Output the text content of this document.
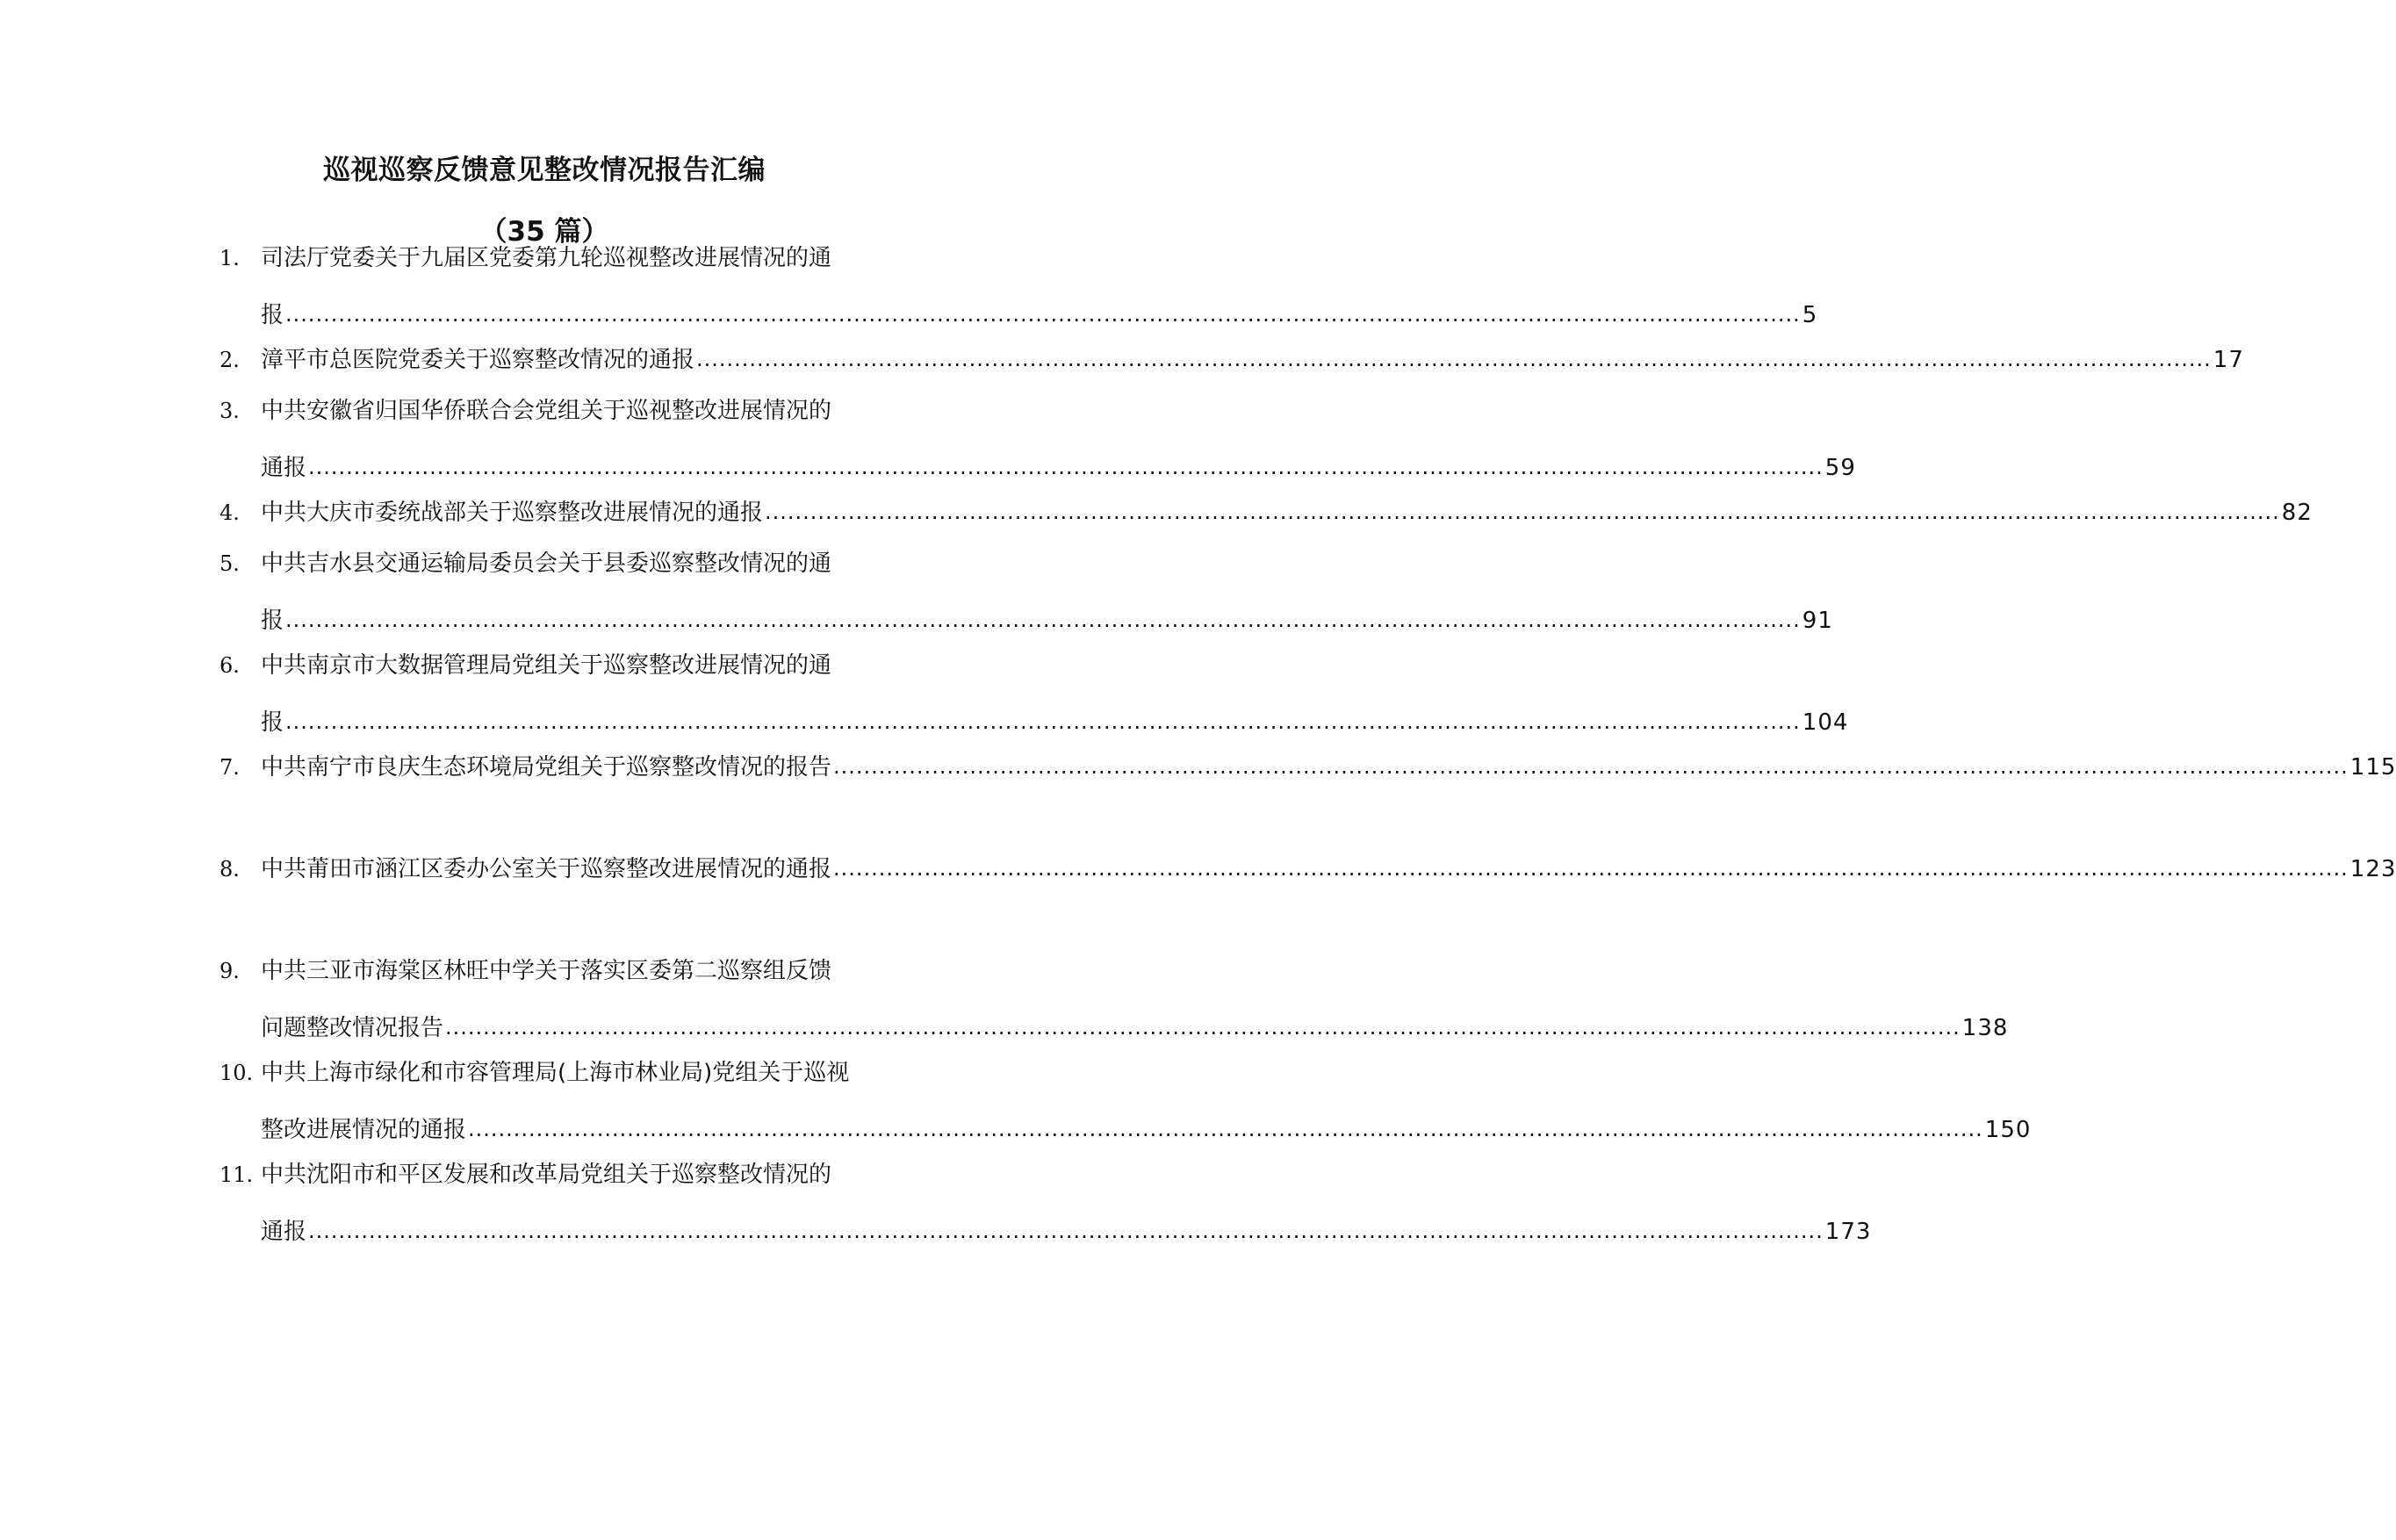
巡视巡察反馈意见整改情况报告汇编
（35 篇）
1. 司法厅党委关于九届区党委第九轮巡视整改进展情况的通
报 ........................................................................................................................................................................................................ 5
2. 漳平市总医院党委关于巡察整改情况的通报 ........................................................................................................................................................................................................ 17
3. 中共安徽省归国华侨联合会党组关于巡视整改进展情况的
通报 ........................................................................................................................................................................................................ 59
4. 中共大庆市委统战部关于巡察整改进展情况的通报 ........................................................................................................................................................................................................ 82
5. 中共吉水县交通运输局委员会关于县委巡察整改情况的通
报 ........................................................................................................................................................................................................ 91
6. 中共南京市大数据管理局党组关于巡察整改进展情况的通
报 ........................................................................................................................................................................................................ 104
7. 中共南宁市良庆生态环境局党组关于巡察整改情况的报告 ........................................................................................................................................................................................................ 115
8. 中共莆田市涵江区委办公室关于巡察整改进展情况的通报 ........................................................................................................................................................................................................ 123
9. 中共三亚市海棠区林旺中学关于落实区委第二巡察组反馈
问题整改情况报告 ........................................................................................................................................................................................................ 138
10. 中共上海市绿化和市容管理局(上海市林业局)党组关于巡视
整改进展情况的通报 ........................................................................................................................................................................................................ 150
11. 中共沈阳市和平区发展和改革局党组关于巡察整改情况的
通报 ........................................................................................................................................................................................................ 173
